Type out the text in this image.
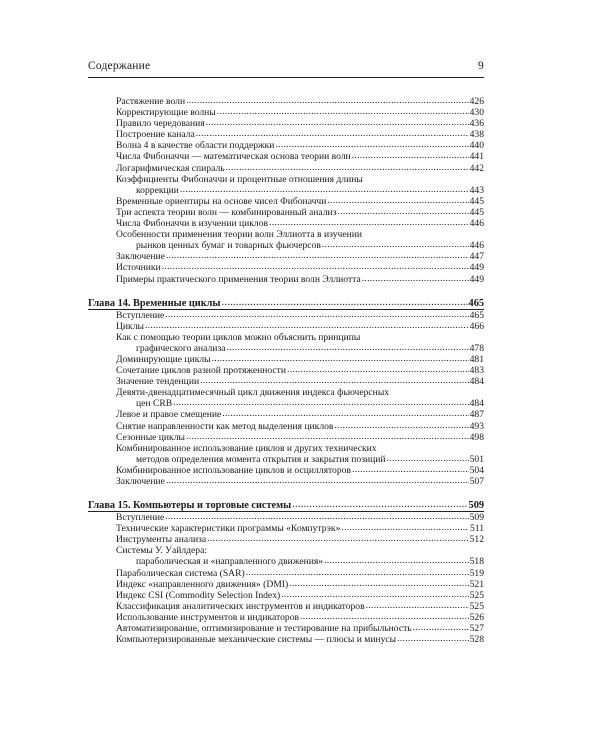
Содержание	9
Растяжение волн .....	426
Корректирующие волны .....	430
Правило чередования .....	436
Построение канала .....	438
Волна 4 в качестве области поддержки .....	440
Числа Фибоначчи — математическая основа теории волн .....	441
Логарифмическая спираль .....	442
Коэффициенты Фибоначчи и процентные отношения длины
коррекции .....	443
Временные ориентиры на основе чисел Фибоначчи .....	445
Три аспекта теории волн — комбинированный анализ .....	445
Числа Фибоначчи в изучении циклов .....	446
Особенности применения теории волн Эллиотта в изучении
рынков ценных бумаг и товарных фьючерсов .....	446
Заключение .....	447
Источники .....	449
Примеры практического применения теории волн Эллиотта .....	449
Глава 14. Временные циклы .....	465
Вступление .....	465
Циклы .....	466
Как с помощью теории циклов можно объяснить принципы
графического анализа .....	478
Доминирующие циклы .....	481
Сочетание циклов разной протяженности .....	483
Значение тенденции .....	484
Девяти-двенадцатимесячный цикл движения индекса фьючерсных
цен CRB .....	484
Левое и правое смещение .....	487
Снятие направленности как метод выделения циклов .....	493
Сезонные циклы .....	498
Комбинированное использование циклов и других технических
методов определения момента открытия и закрытия позиций .....	501
Комбинированное использование циклов и осцилляторов .....	504
Заключение .....	507
Глава 15. Компьютеры и торговые системы .....	509
Вступление .....	509
Технические характеристики программы «Компутрэк» .....	511
Инструменты анализа .....	512
Системы У. Уайлдера:
параболическая и «направленного движения» .....	518
Параболическая система (SAR) .....	519
Индекс «направленного движения» (DMI) .....	521
Индекс CSI (Commodity Selection Index) .....	525
Классификация аналитических инструментов и индикаторов .....	525
Использование инструментов и индикаторов .....	526
Автоматизирование, оптимизирование и тестирование на прибыльность .....	527
Компьютеризированные механические системы — плюсы и минусы .....	528
